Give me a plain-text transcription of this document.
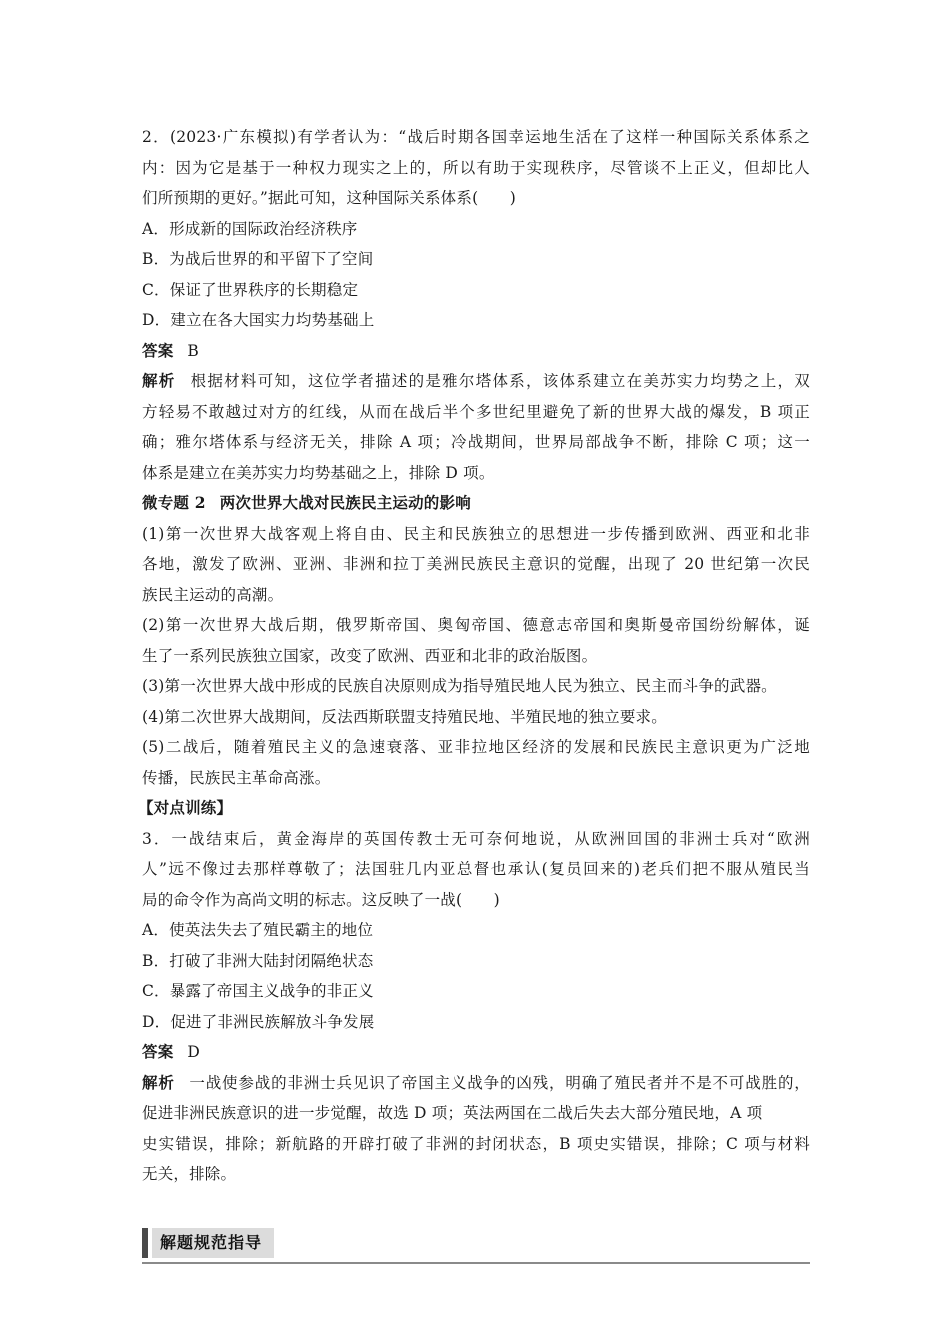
2．(2023·广东模拟)有学者认为：“战后时期各国幸运地生活在了这样一种国际关系体系之
内：因为它是基于一种权力现实之上的，所以有助于实现秩序，尽管谈不上正义，但却比人
们所预期的更好。”据此可知，这种国际关系体系(　　)
A．形成新的国际政治经济秩序
B．为战后世界的和平留下了空间
C．保证了世界秩序的长期稳定
D．建立在各大国实力均势基础上
答案 B
解析 根据材料可知，这位学者描述的是雅尔塔体系，该体系建立在美苏实力均势之上，双
方轻易不敢越过对方的红线，从而在战后半个多世纪里避免了新的世界大战的爆发，B 项正
确；雅尔塔体系与经济无关，排除 A 项；冷战期间，世界局部战争不断，排除 C 项；这一
体系是建立在美苏实力均势基础之上，排除 D 项。
微专题 2 两次世界大战对民族民主运动的影响
(1)第一次世界大战客观上将自由、民主和民族独立的思想进一步传播到欧洲、西亚和北非
各地，激发了欧洲、亚洲、非洲和拉丁美洲民族民主意识的觉醒，出现了 20 世纪第一次民
族民主运动的高潮。
(2)第一次世界大战后期，俄罗斯帝国、奥匈帝国、德意志帝国和奥斯曼帝国纷纷解体，诞
生了一系列民族独立国家，改变了欧洲、西亚和北非的政治版图。
(3)第一次世界大战中形成的民族自决原则成为指导殖民地人民为独立、民主而斗争的武器。
(4)第二次世界大战期间，反法西斯联盟支持殖民地、半殖民地的独立要求。
(5)二战后，随着殖民主义的急速衰落、亚非拉地区经济的发展和民族民主意识更为广泛地
传播，民族民主革命高涨。
【对点训练】
3．一战结束后，黄金海岸的英国传教士无可奈何地说，从欧洲回国的非洲士兵对“欧洲
人”远不像过去那样尊敬了；法国驻几内亚总督也承认(复员回来的)老兵们把不服从殖民当
局的命令作为高尚文明的标志。这反映了一战(　　)
A．使英法失去了殖民霸主的地位
B．打破了非洲大陆封闭隔绝状态
C．暴露了帝国主义战争的非正义
D．促进了非洲民族解放斗争发展
答案 D
解析 一战使参战的非洲士兵见识了帝国主义战争的凶残，明确了殖民者并不是不可战胜的，
促进非洲民族意识的进一步觉醒，故选 D 项；英法两国在二战后失去大部分殖民地，A 项
史实错误，排除；新航路的开辟打破了非洲的封闭状态，B 项史实错误，排除；C 项与材料
无关，排除。
解题规范指导
